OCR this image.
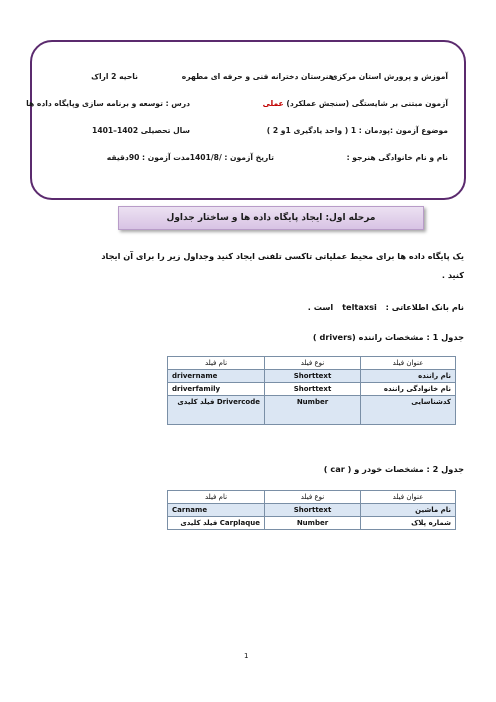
آموزش و پرورش استان مرکزی
هنرستان دخترانه فنی و حرفه ای مطهره
ناحیه 2 اراک
آزمون مبتنی بر شایستگی (سنجش عملکرد) عملی
درس : توسعه و برنامه سازی وپایگاه داده ها
موضوع آزمون :پودمان : 1 ( واحد یادگیری 1و 2 )
سال تحصیلی 1402–1401
نام و نام خانوادگی هنرجو :
تاریخ آزمون : /1401/8
مدت آزمون : 90دقیقه
مرحله اول: ایجاد پایگاه داده ها و ساختار جداول
یک پایگاه داده ها برای محیط عملیاتی تاکسی تلفنی ایجاد کنید وجداول زیر را برای آن ایجاد
کنید .
نام بانک اطلاعاتی : teltaxsi است .
جدول 1 : مشخصات راننده (drivers )
عنوان فیلد	نوع فیلد	نام فیلد
نام راننده	Shorttext	drivername
نام خانوادگی راننده	Shorttext	driverfamily
کدشناسایی	Number	Drivercode فیلد کلیدی
جدول 2 : مشخصات خودر و ( car )
عنوان فیلد	نوع فیلد	نام فیلد
نام ماشین	Shorttext	Carname
شماره پلاک	Number	Carplaque فیلد کلیدی
1
